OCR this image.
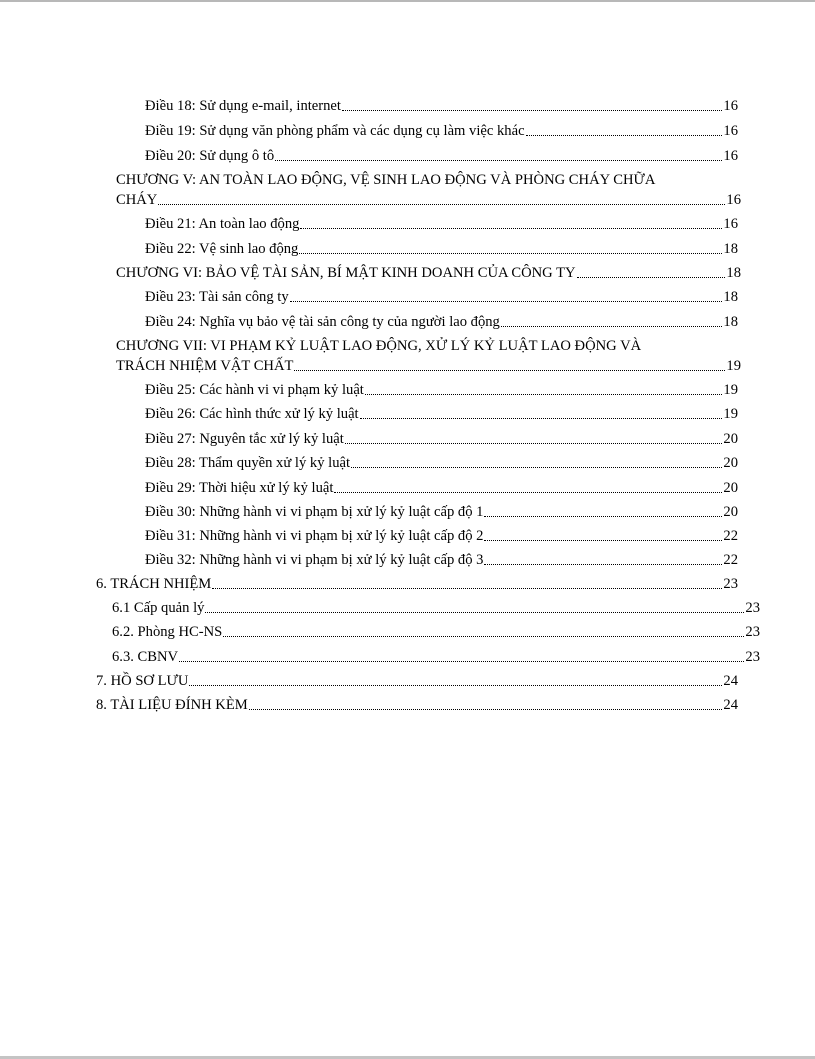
Điều 18: Sử dụng e-mail, internet	16
Điều 19: Sử dụng văn phòng phẩm và các dụng cụ làm việc khác	16
Điều 20: Sử dụng ô tô	16
CHƯƠNG V: AN TOÀN LAO ĐỘNG, VỆ SINH LAO ĐỘNG VÀ PHÒNG CHÁY CHỮA
CHÁY	16
Điều 21: An toàn lao động	16
Điều 22: Vệ sinh lao động	18
CHƯƠNG VI: BẢO VỆ TÀI SẢN, BÍ MẬT KINH DOANH CỦA CÔNG TY	18
Điều 23: Tài sản công ty	18
Điều 24: Nghĩa vụ bảo vệ tài sản công ty của người lao động	18
CHƯƠNG VII: VI PHẠM KỶ LUẬT LAO ĐỘNG, XỬ LÝ KỶ LUẬT LAO ĐỘNG VÀ
TRÁCH NHIỆM VẬT CHẤT	19
Điều 25: Các hành vi vi phạm kỷ luật	19
Điều 26: Các hình thức xử lý kỷ luật	19
Điều 27: Nguyên tắc xử lý kỷ luật	20
Điều 28: Thẩm quyền xử lý kỷ luật	20
Điều 29: Thời hiệu xử lý kỷ luật	20
Điều 30: Những hành vi vi phạm bị xử lý kỷ luật cấp độ 1	20
Điều 31: Những hành vi vi phạm bị xử lý kỷ luật cấp độ 2	22
Điều 32: Những hành vi vi phạm bị xử lý kỷ luật cấp độ 3	22
6. TRÁCH NHIỆM	23
6.1 Cấp quản lý	23
6.2. Phòng HC-NS	23
6.3. CBNV	23
7. HỒ SƠ LƯU	24
8. TÀI LIỆU ĐÍNH KÈM	24
